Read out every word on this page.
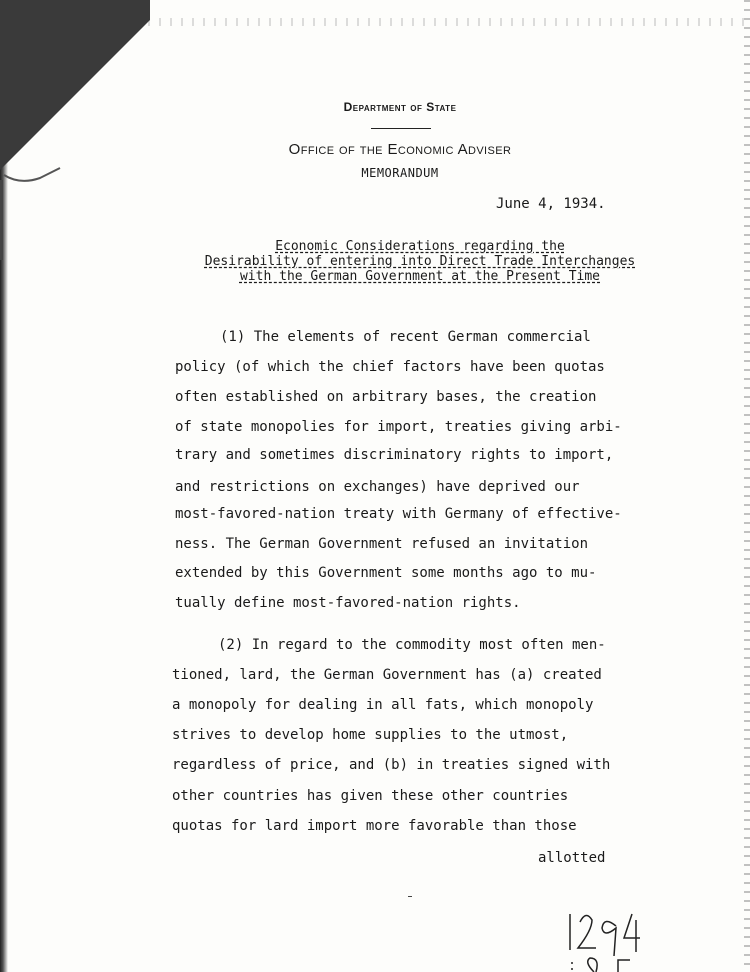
Department of State
Office of the Economic Adviser
MEMORANDUM
June 4, 1934.
Economic Considerations regarding the
Desirability of entering into Direct Trade Interchanges
with the German Government at the Present Time
(1) The elements of recent German commercial
policy (of which the chief factors have been quotas
often established on arbitrary bases, the creation
of state monopolies for import, treaties giving arbi-
trary and sometimes discriminatory rights to import,
and restrictions on exchanges) have deprived our
most-favored-nation treaty with Germany of effective-
ness. The German Government refused an invitation
extended by this Government some months ago to mu-
tually define most-favored-nation rights.
(2) In regard to the commodity most often men-
tioned, lard, the German Government has (a) created
a monopoly for dealing in all fats, which monopoly
strives to develop home supplies to the utmost,
regardless of price, and (b) in treaties signed with
other countries has given these other countries
quotas for lard import more favorable than those
allotted
